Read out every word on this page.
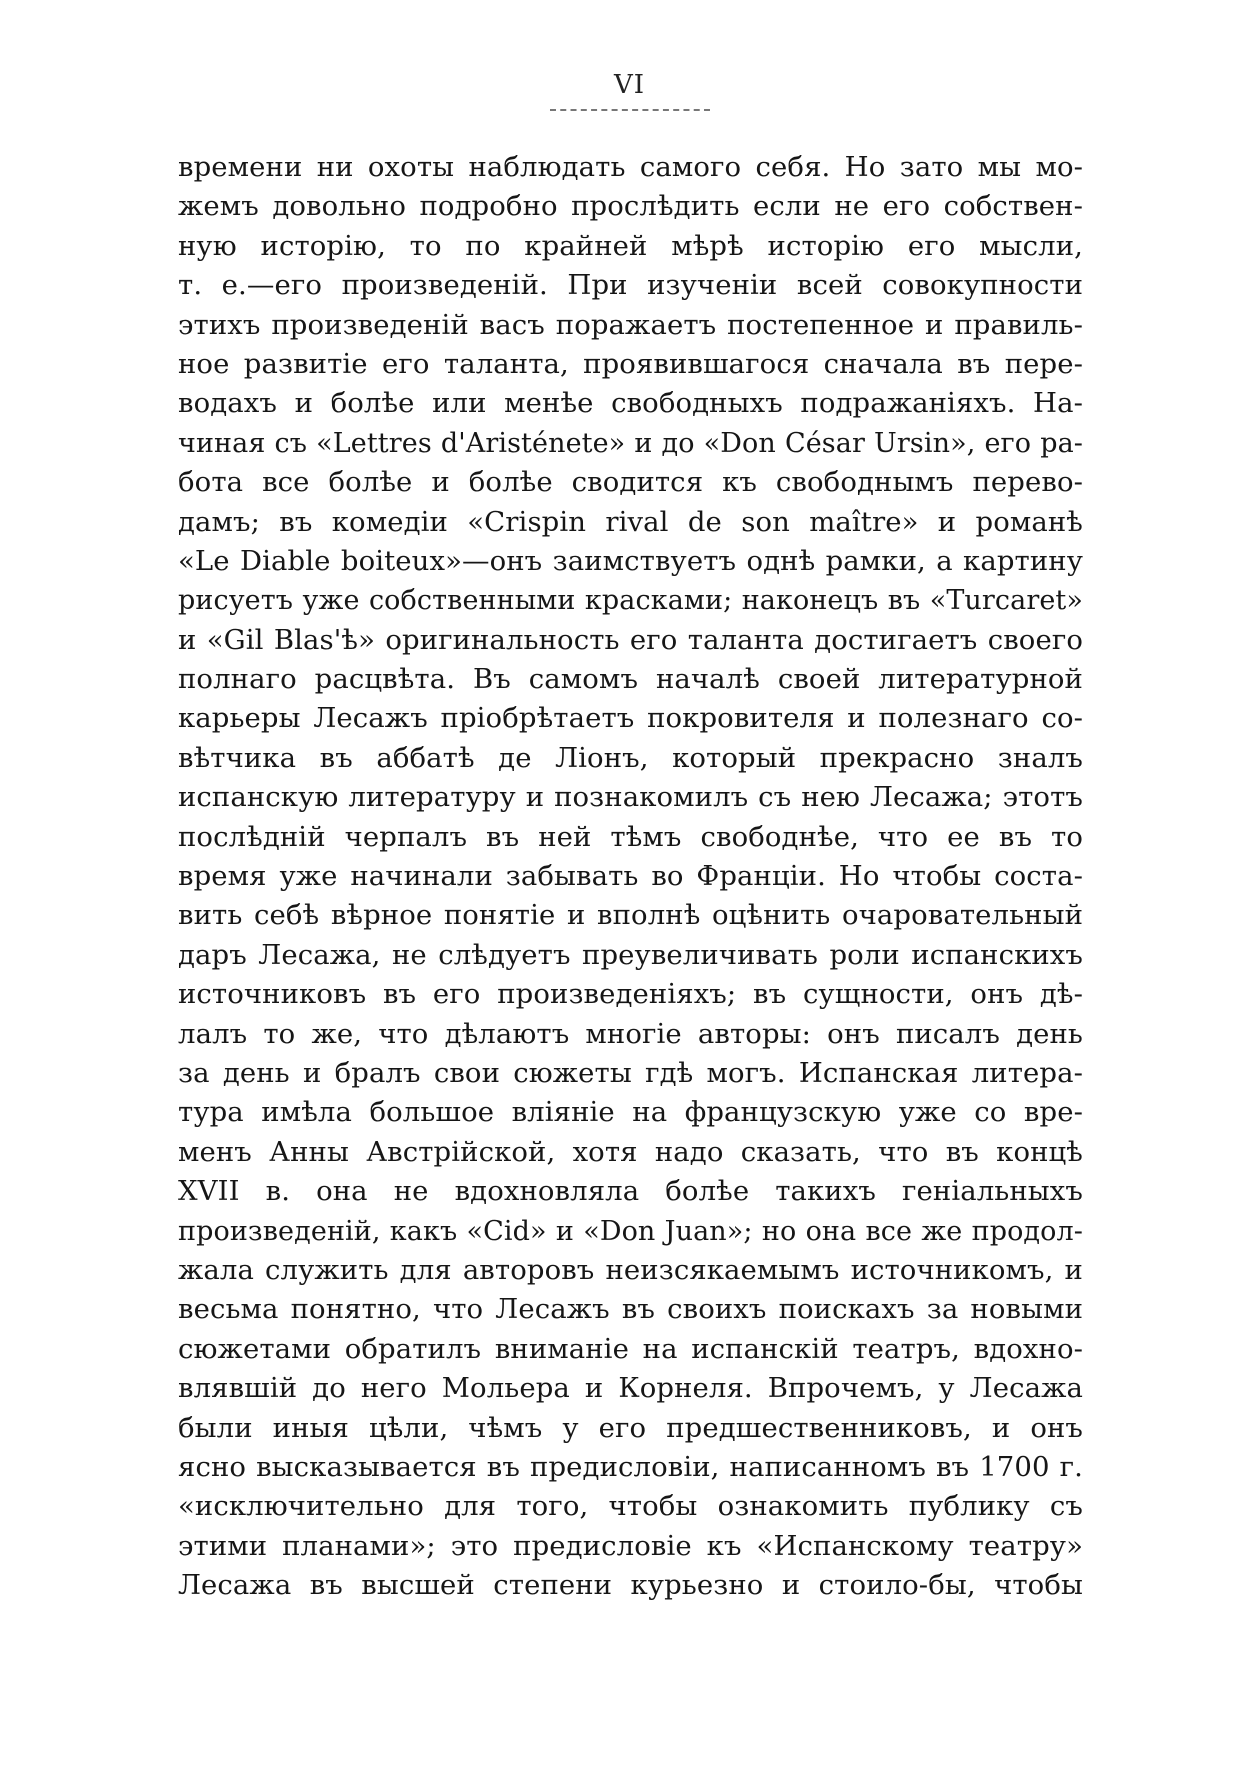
VI
времени ни охоты наблюдать самого себя. Но зато мы мо-
жемъ довольно подробно прослѣдить если не его собствен-
ную исторію, то по крайней мѣрѣ исторію его мысли,
т. е.—его произведеній. При изученіи всей совокупности
этихъ произведеній васъ поражаетъ постепенное и правиль-
ное развитіе его таланта, проявившагося сначала въ пере-
водахъ и болѣе или менѣе свободныхъ подражаніяхъ. На-
чиная съ «Lettres d'Aristénete» и до «Don César Ursin», его ра-
бота все болѣе и болѣе сводится къ свободнымъ перево-
дамъ; въ комедіи «Crispin rival de son maître» и романѣ
«Le Diable boiteux»—онъ заимствуетъ однѣ рамки, а картину
рисуетъ уже собственными красками; наконецъ въ «Turcaret»
и «Gil Blas'ѣ» оригинальность его таланта достигаетъ своего
полнаго расцвѣта. Въ самомъ началѣ своей литературной
карьеры Лесажъ пріобрѣтаетъ покровителя и полезнаго со-
вѣтчика въ аббатѣ де Ліонъ, который прекрасно зналъ
испанскую литературу и познакомилъ съ нею Лесажа; этотъ
послѣдній черпалъ въ ней тѣмъ свободнѣе, что ее въ то
время уже начинали забывать во Франціи. Но чтобы соста-
вить себѣ вѣрное понятіе и вполнѣ оцѣнить очаровательный
даръ Лесажа, не слѣдуетъ преувеличивать роли испанскихъ
источниковъ въ его произведеніяхъ; въ сущности, онъ дѣ-
лалъ то же, что дѣлаютъ многіе авторы: онъ писалъ день
за день и бралъ свои сюжеты гдѣ могъ. Испанская литера-
тура имѣла большое вліяніе на французскую уже со вре-
менъ Анны Австрійской, хотя надо сказать, что въ концѣ
XVII в. она не вдохновляла болѣе такихъ геніальныхъ
произведеній, какъ «Cid» и «Don Juan»; но она все же продол-
жала служить для авторовъ неизсякаемымъ источникомъ, и
весьма понятно, что Лесажъ въ своихъ поискахъ за новыми
сюжетами обратилъ вниманіе на испанскій театръ, вдохно-
влявшій до него Мольера и Корнеля. Впрочемъ, у Лесажа
были иныя цѣли, чѣмъ у его предшественниковъ, и онъ
ясно высказывается въ предисловіи, написанномъ въ 1700 г.
«исключительно для того, чтобы ознакомить публику съ
этими планами»; это предисловіе къ «Испанскому театру»
Лесажа въ высшей степени курьезно и стоило-бы, чтобы
